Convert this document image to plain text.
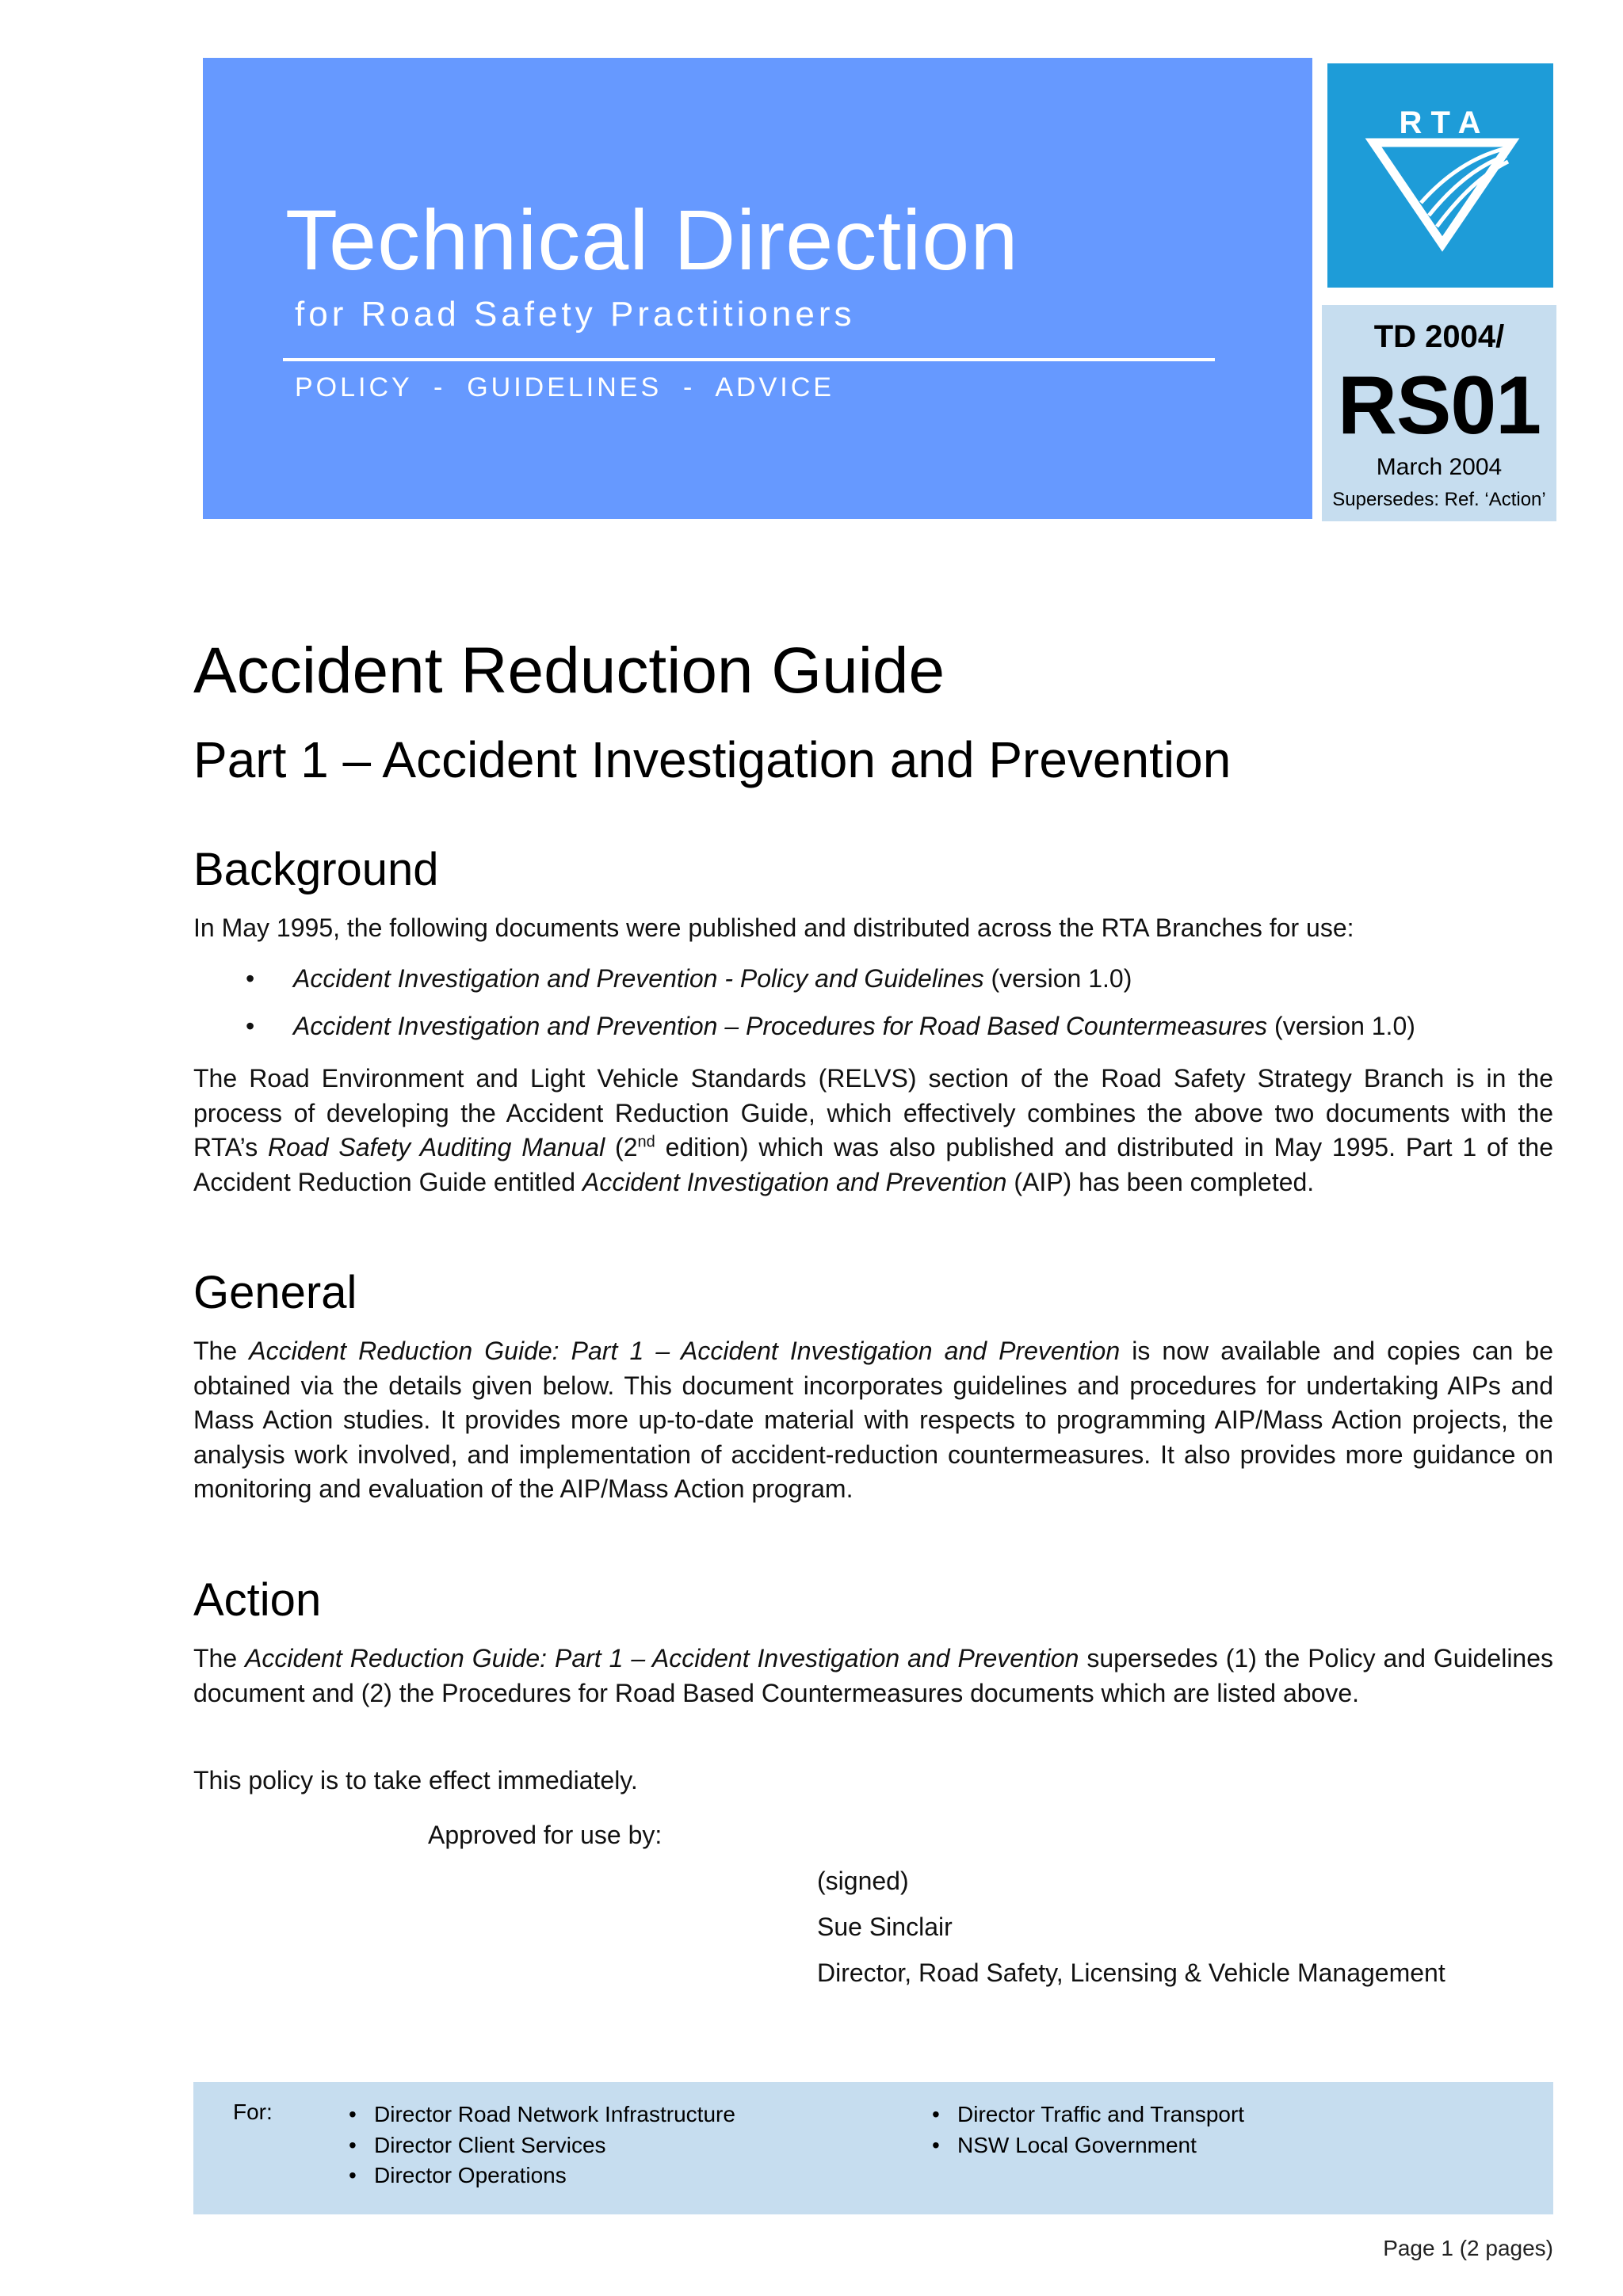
Technical Direction
for Road Safety Practitioners
POLICY  -  GUIDELINES  -  ADVICE
R T A
TD 2004/
RS01
March 2004
Supersedes: Ref. ‘Action’
Accident Reduction Guide
Part 1 – Accident Investigation and Prevention
Background
In May 1995, the following documents were published and distributed across the RTA Branches for use:
• Accident Investigation and Prevention - Policy and Guidelines (version 1.0)
• Accident Investigation and Prevention – Procedures for Road Based Countermeasures (version 1.0)
The Road Environment and Light Vehicle Standards (RELVS) section of the Road Safety Strategy Branch is in the process of developing the Accident Reduction Guide, which effectively combines the above two documents with the RTA’s Road Safety Auditing Manual (2nd edition) which was also published and distributed in May 1995. Part 1 of the Accident Reduction Guide entitled Accident Investigation and Prevention (AIP) has been completed.
General
The Accident Reduction Guide: Part 1 – Accident Investigation and Prevention is now available and copies can be obtained via the details given below. This document incorporates guidelines and procedures for undertaking AIPs and Mass Action studies. It provides more up-to-date material with respects to programming AIP/Mass Action projects, the analysis work involved, and implementation of accident-reduction countermeasures. It also provides more guidance on monitoring and evaluation of the AIP/Mass Action program.
Action
The Accident Reduction Guide: Part 1 – Accident Investigation and Prevention supersedes (1) the Policy and Guidelines document and (2) the Procedures for Road Based Countermeasures documents which are listed above.
This policy is to take effect immediately.
Approved for use by:
(signed)
Sue Sinclair
Director, Road Safety, Licensing & Vehicle Management
For:	• Director Road Network Infrastructure
• Director Client Services
• Director Operations
• Director Traffic and Transport
• NSW Local Government
Page 1 (2 pages)
